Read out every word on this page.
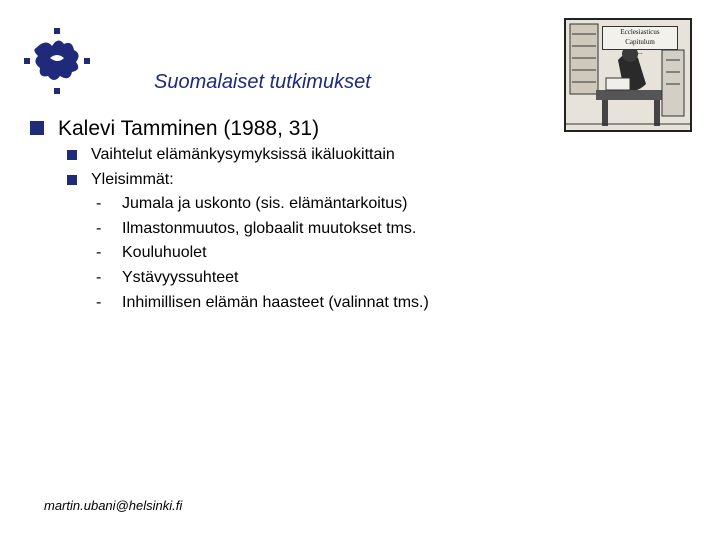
Suomalaiset tutkimukset
Ecclesiasticus
Capitulum
...
Kalevi Tamminen (1988, 31)
Vaihtelut elämänkysymyksissä ikäluokittain
Yleisimmät:
- Jumala ja uskonto (sis. elämäntarkoitus)
- Ilmastonmuutos, globaalit muutokset tms.
- Kouluhuolet
- Ystävyyssuhteet
- Inhimillisen elämän haasteet (valinnat tms.)
martin.ubani@helsinki.fi
